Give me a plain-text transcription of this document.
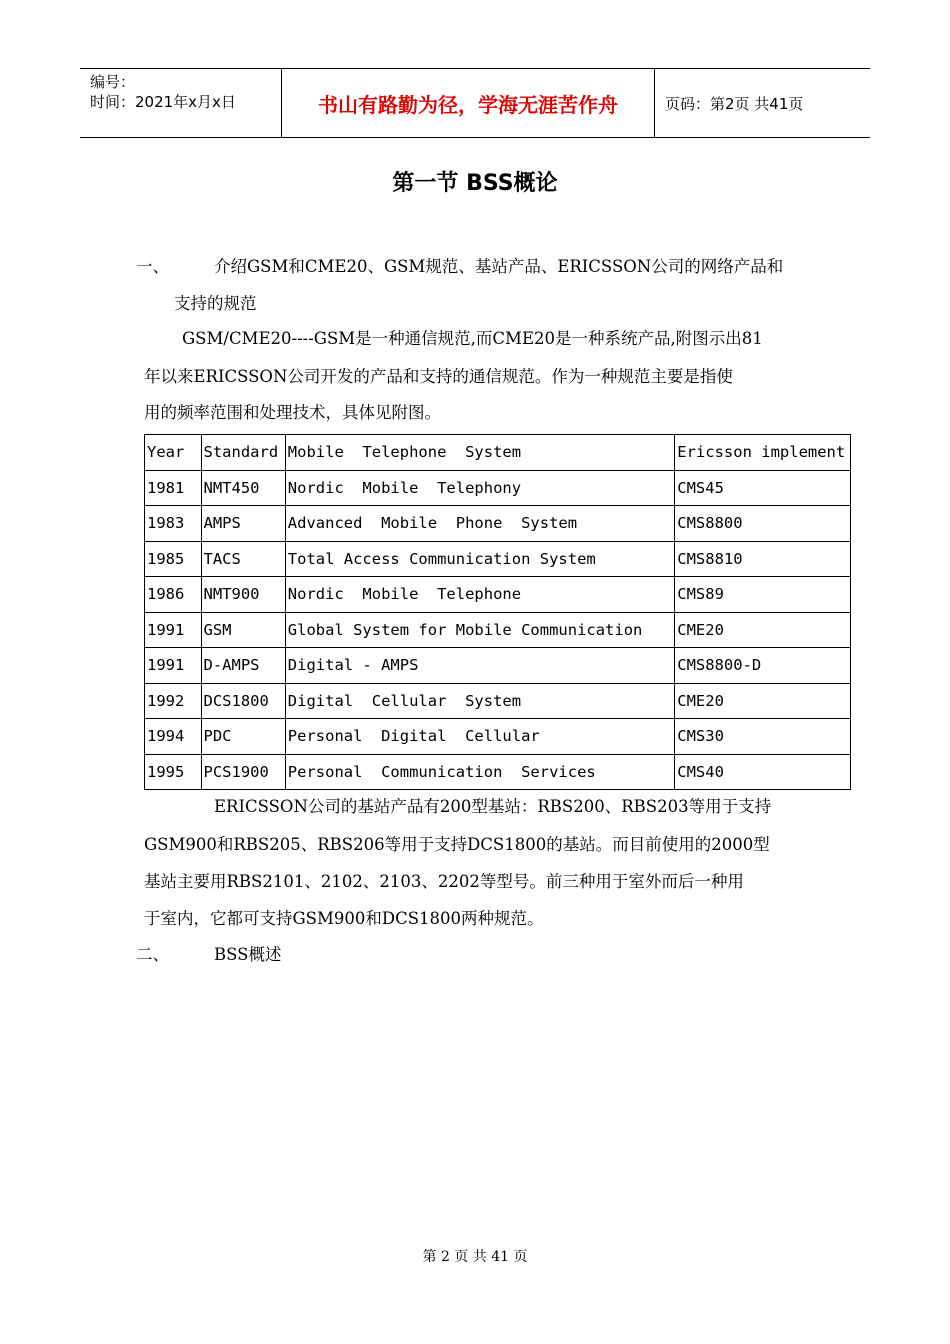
编号：
时间：2021年x月x日	书山有路勤为径，学海无涯苦作舟	页码：第2页 共41页
第一节 BSS概论
一、	介绍GSM和CME20、GSM规范、基站产品、ERICSSON公司的网络产品和
支持的规范
GSM/CME20----GSM是一种通信规范,而CME20是一种系统产品,附图示出81
年以来ERICSSON公司开发的产品和支持的通信规范。作为一种规范主要是指使
用的频率范围和处理技术，具体见附图。
Year	Standard	Mobile  Telephone  System	Ericsson implement
1981	NMT450	Nordic  Mobile  Telephony	CMS45
1983	AMPS	Advanced  Mobile  Phone  System	CMS8800
1985	TACS	Total Access Communication System	CMS8810
1986	NMT900	Nordic  Mobile  Telephone	CMS89
1991	GSM	Global System for Mobile Communication	CME20
1991	D-AMPS	Digital - AMPS	CMS8800-D
1992	DCS1800	Digital  Cellular  System	CME20
1994	PDC	Personal  Digital  Cellular	CMS30
1995	PCS1900	Personal  Communication  Services	CMS40
ERICSSON公司的基站产品有200型基站：RBS200、RBS203等用于支持
GSM900和RBS205、RBS206等用于支持DCS1800的基站。而目前使用的2000型
基站主要用RBS2101、2102、2103、2202等型号。前三种用于室外而后一种用
于室内，它都可支持GSM900和DCS1800两种规范。
二、	BSS概述
第 2 页 共 41 页
